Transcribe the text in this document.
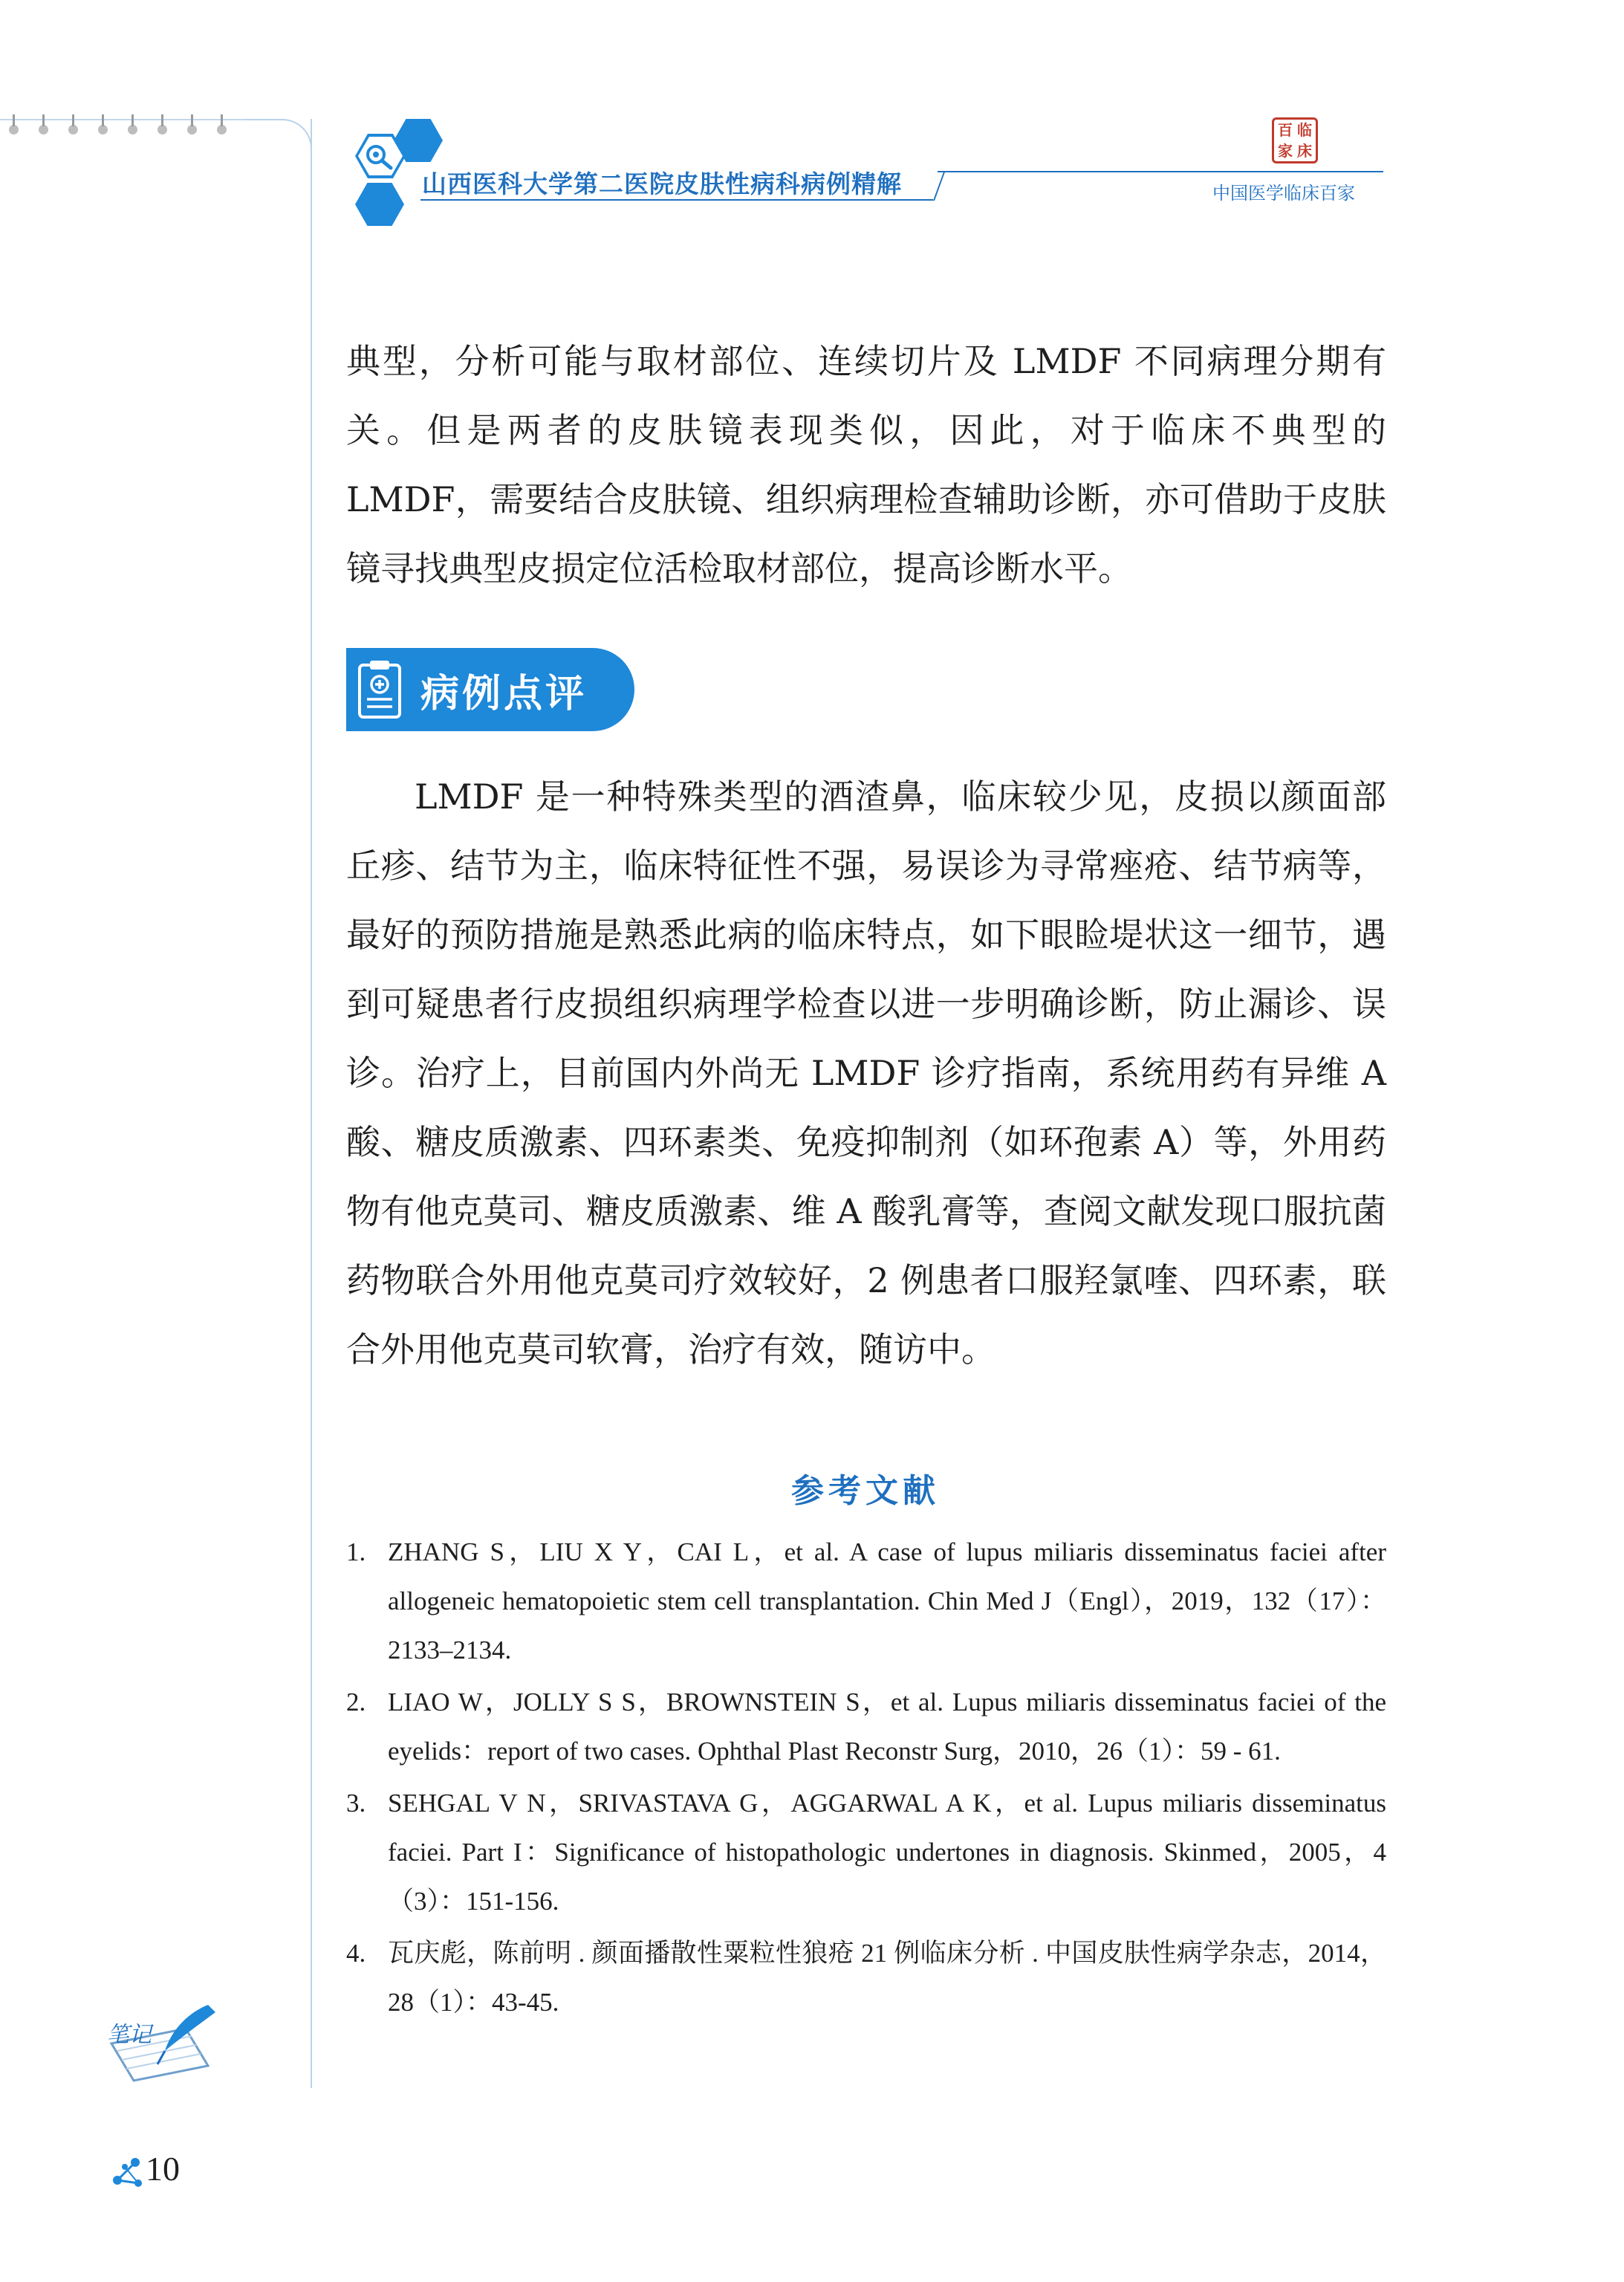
山西医科大学第二医院皮肤性病科病例精解
百 临
家 床
中国医学临床百家

典型，分析可能与取材部位、连续切片及 LMDF 不同病理分期有关。但是两者的皮肤镜表现类似，因此，对于临床不典型的 LMDF，需要结合皮肤镜、组织病理检查辅助诊断，亦可借助于皮肤镜寻找典型皮损定位活检取材部位，提高诊断水平。

病例点评

LMDF 是一种特殊类型的酒渣鼻，临床较少见，皮损以颜面部丘疹、结节为主，临床特征性不强，易误诊为寻常痤疮、结节病等，最好的预防措施是熟悉此病的临床特点，如下眼睑堤状这一细节，遇到可疑患者行皮损组织病理学检查以进一步明确诊断，防止漏诊、误诊。治疗上，目前国内外尚无 LMDF 诊疗指南，系统用药有异维 A 酸、糖皮质激素、四环素类、免疫抑制剂（如环孢素 A）等，外用药物有他克莫司、糖皮质激素、维 A 酸乳膏等，查阅文献发现口服抗菌药物联合外用他克莫司疗效较好，2 例患者口服羟氯喹、四环素，联合外用他克莫司软膏，治疗有效，随访中。

参考文献
1. ZHANG S，LIU X Y，CAI L，et al. A case of lupus miliaris disseminatus faciei after allogeneic hematopoietic stem cell transplantation. Chin Med J（Engl），2019，132（17）：2133–2134.
2. LIAO W，JOLLY S S，BROWNSTEIN S，et al. Lupus miliaris disseminatus faciei of the eyelids：report of two cases. Ophthal Plast Reconstr Surg，2010，26（1）：59 - 61.
3. SEHGAL V N，SRIVASTAVA G，AGGARWAL A K，et al. Lupus miliaris disseminatus faciei. Part I：Significance of histopathologic undertones in diagnosis. Skinmed，2005，4（3）：151-156.
4. 瓦庆彪，陈前明 . 颜面播散性粟粒性狼疮 21 例临床分析 . 中国皮肤性病学杂志，2014，28（1）：43-45.
笔记
10
